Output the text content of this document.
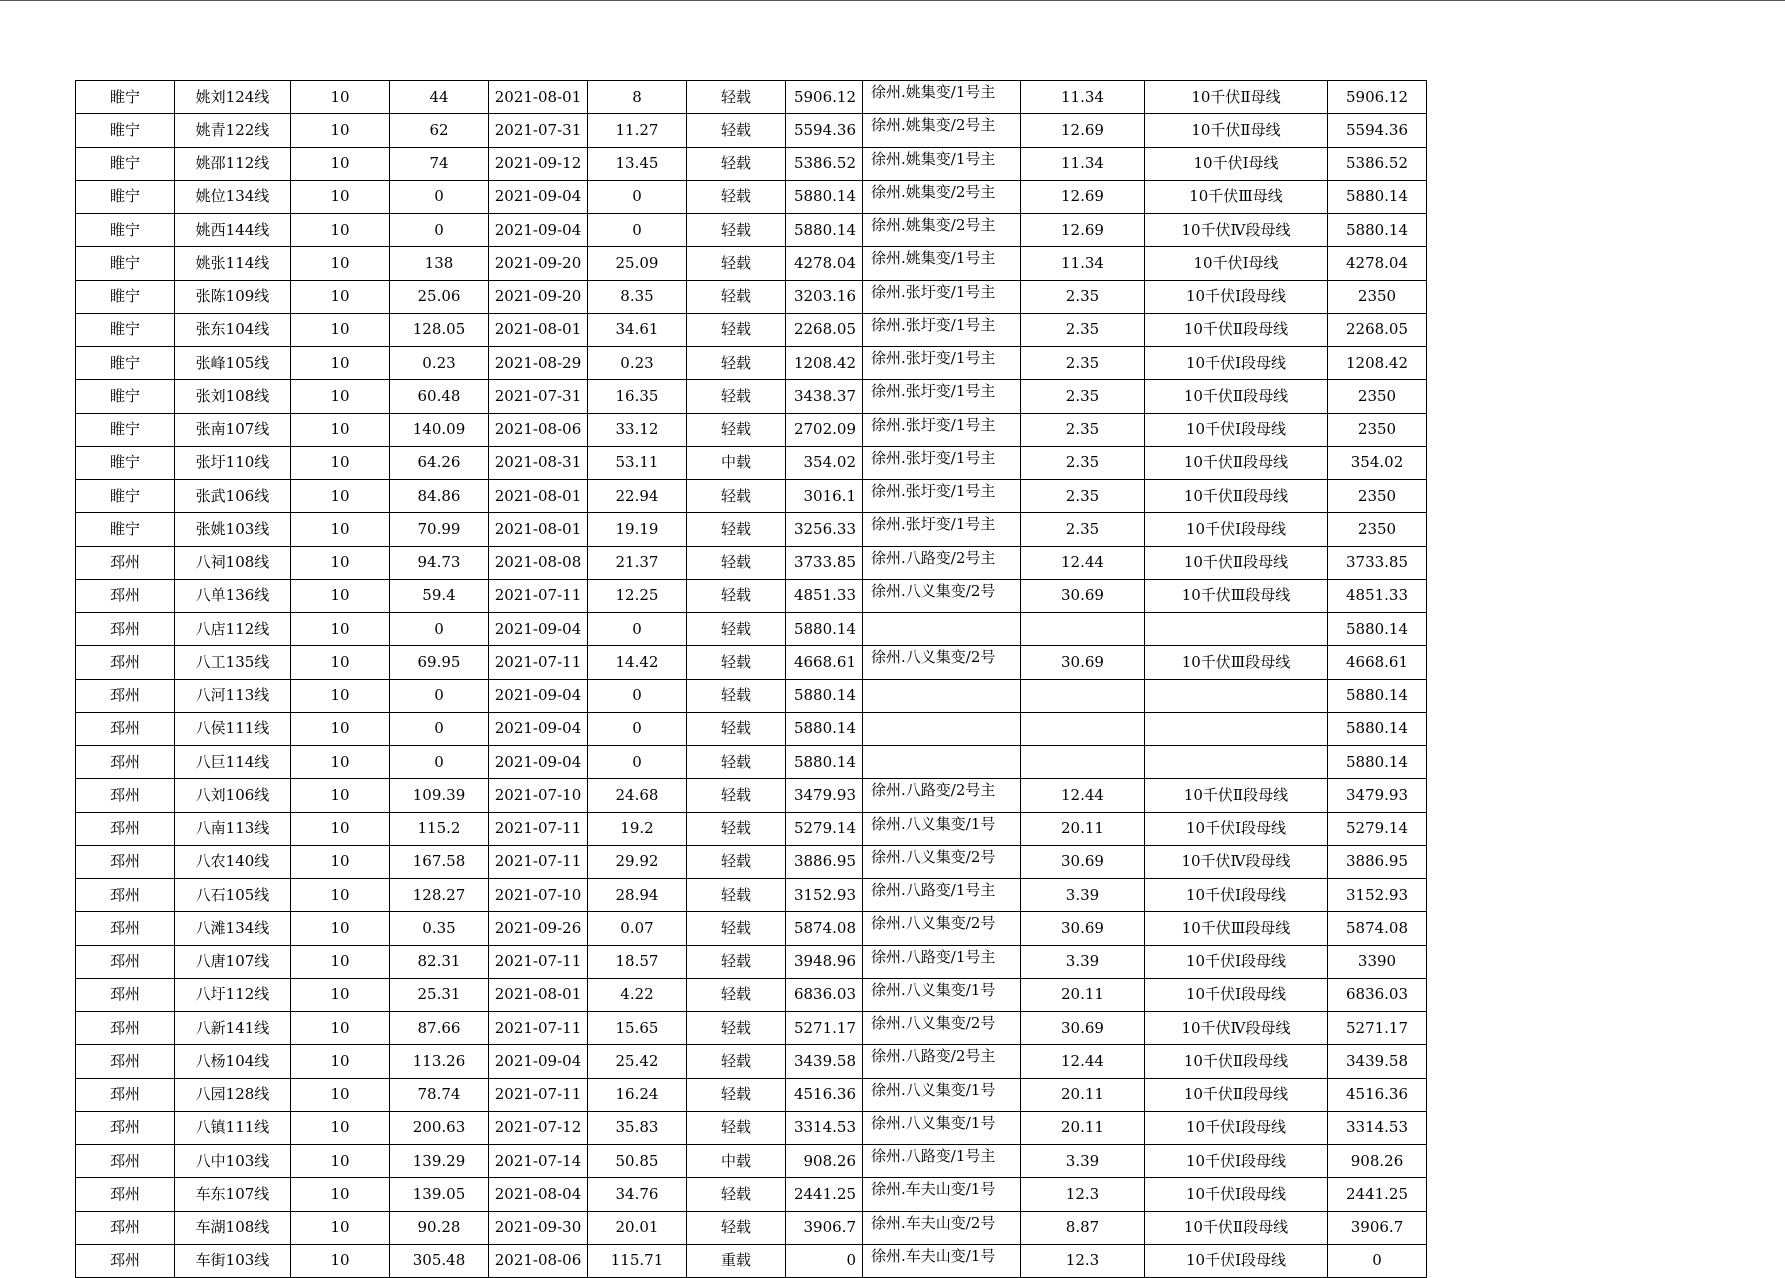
睢宁	姚刘124线	10	44	2021-08-01	8	轻载	5906.12	徐州.姚集变/1号主	11.34	10千伏Ⅱ母线	5906.12
睢宁	姚青122线	10	62	2021-07-31	11.27	轻载	5594.36	徐州.姚集变/2号主	12.69	10千伏Ⅱ母线	5594.36
睢宁	姚邵112线	10	74	2021-09-12	13.45	轻载	5386.52	徐州.姚集变/1号主	11.34	10千伏Ⅰ母线	5386.52
睢宁	姚位134线	10	0	2021-09-04	0	轻载	5880.14	徐州.姚集变/2号主	12.69	10千伏Ⅲ母线	5880.14
睢宁	姚西144线	10	0	2021-09-04	0	轻载	5880.14	徐州.姚集变/2号主	12.69	10千伏Ⅳ段母线	5880.14
睢宁	姚张114线	10	138	2021-09-20	25.09	轻载	4278.04	徐州.姚集变/1号主	11.34	10千伏Ⅰ母线	4278.04
睢宁	张陈109线	10	25.06	2021-09-20	8.35	轻载	3203.16	徐州.张圩变/1号主	2.35	10千伏Ⅰ段母线	2350
睢宁	张东104线	10	128.05	2021-08-01	34.61	轻载	2268.05	徐州.张圩变/1号主	2.35	10千伏Ⅱ段母线	2268.05
睢宁	张峰105线	10	0.23	2021-08-29	0.23	轻载	1208.42	徐州.张圩变/1号主	2.35	10千伏Ⅰ段母线	1208.42
睢宁	张刘108线	10	60.48	2021-07-31	16.35	轻载	3438.37	徐州.张圩变/1号主	2.35	10千伏Ⅱ段母线	2350
睢宁	张南107线	10	140.09	2021-08-06	33.12	轻载	2702.09	徐州.张圩变/1号主	2.35	10千伏Ⅰ段母线	2350
睢宁	张圩110线	10	64.26	2021-08-31	53.11	中载	354.02	徐州.张圩变/1号主	2.35	10千伏Ⅱ段母线	354.02
睢宁	张武106线	10	84.86	2021-08-01	22.94	轻载	3016.1	徐州.张圩变/1号主	2.35	10千伏Ⅱ段母线	2350
睢宁	张姚103线	10	70.99	2021-08-01	19.19	轻载	3256.33	徐州.张圩变/1号主	2.35	10千伏Ⅰ段母线	2350
邳州	八祠108线	10	94.73	2021-08-08	21.37	轻载	3733.85	徐州.八路变/2号主	12.44	10千伏Ⅱ段母线	3733.85
邳州	八单136线	10	59.4	2021-07-11	12.25	轻载	4851.33	徐州.八义集变/2号	30.69	10千伏Ⅲ段母线	4851.33
邳州	八店112线	10	0	2021-09-04	0	轻载	5880.14				5880.14
邳州	八工135线	10	69.95	2021-07-11	14.42	轻载	4668.61	徐州.八义集变/2号	30.69	10千伏Ⅲ段母线	4668.61
邳州	八河113线	10	0	2021-09-04	0	轻载	5880.14				5880.14
邳州	八侯111线	10	0	2021-09-04	0	轻载	5880.14				5880.14
邳州	八巨114线	10	0	2021-09-04	0	轻载	5880.14				5880.14
邳州	八刘106线	10	109.39	2021-07-10	24.68	轻载	3479.93	徐州.八路变/2号主	12.44	10千伏Ⅱ段母线	3479.93
邳州	八南113线	10	115.2	2021-07-11	19.2	轻载	5279.14	徐州.八义集变/1号	20.11	10千伏Ⅰ段母线	5279.14
邳州	八农140线	10	167.58	2021-07-11	29.92	轻载	3886.95	徐州.八义集变/2号	30.69	10千伏Ⅳ段母线	3886.95
邳州	八石105线	10	128.27	2021-07-10	28.94	轻载	3152.93	徐州.八路变/1号主	3.39	10千伏Ⅰ段母线	3152.93
邳州	八滩134线	10	0.35	2021-09-26	0.07	轻载	5874.08	徐州.八义集变/2号	30.69	10千伏Ⅲ段母线	5874.08
邳州	八唐107线	10	82.31	2021-07-11	18.57	轻载	3948.96	徐州.八路变/1号主	3.39	10千伏Ⅰ段母线	3390
邳州	八圩112线	10	25.31	2021-08-01	4.22	轻载	6836.03	徐州.八义集变/1号	20.11	10千伏Ⅰ段母线	6836.03
邳州	八新141线	10	87.66	2021-07-11	15.65	轻载	5271.17	徐州.八义集变/2号	30.69	10千伏Ⅳ段母线	5271.17
邳州	八杨104线	10	113.26	2021-09-04	25.42	轻载	3439.58	徐州.八路变/2号主	12.44	10千伏Ⅱ段母线	3439.58
邳州	八园128线	10	78.74	2021-07-11	16.24	轻载	4516.36	徐州.八义集变/1号	20.11	10千伏Ⅱ段母线	4516.36
邳州	八镇111线	10	200.63	2021-07-12	35.83	轻载	3314.53	徐州.八义集变/1号	20.11	10千伏Ⅰ段母线	3314.53
邳州	八中103线	10	139.29	2021-07-14	50.85	中载	908.26	徐州.八路变/1号主	3.39	10千伏Ⅰ段母线	908.26
邳州	车东107线	10	139.05	2021-08-04	34.76	轻载	2441.25	徐州.车夫山变/1号	12.3	10千伏Ⅰ段母线	2441.25
邳州	车湖108线	10	90.28	2021-09-30	20.01	轻载	3906.7	徐州.车夫山变/2号	8.87	10千伏Ⅱ段母线	3906.7
邳州	车街103线	10	305.48	2021-08-06	115.71	重载	0	徐州.车夫山变/1号	12.3	10千伏Ⅰ段母线	0
